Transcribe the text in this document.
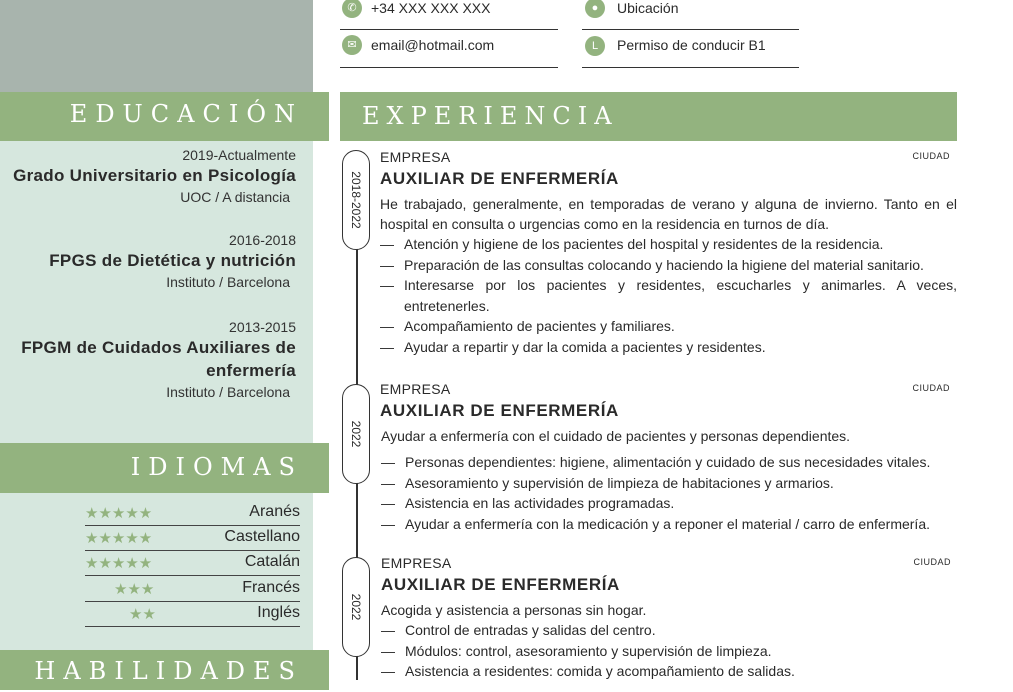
EDUCACIÓN
2019-Actualmente
Grado Universitario en Psicología
UOC / A distancia
2016-2018
FPGS de Dietética y nutrición
Instituto / Barcelona
2013-2015
FPGM de Cuidados Auxiliares de enfermería
Instituto / Barcelona
IDIOMAS
★★★★★	Aranés
★★★★★	Castellano
★★★★★	Catalán
★★★	Francés
★★	Inglés
HABILIDADES
✆	+34 XXX XXX XXX
✉	email@hotmail.com
●	Ubicación
L	Permiso de conducir B1
EXPERIENCIA
2018-2022
EMPRESA	CIUDAD
AUXILIAR DE ENFERMERÍA
He trabajado, generalmente, en temporadas de verano y alguna de invierno. Tanto en el hospital en consulta o urgencias como en la residencia en turnos de día.
— Atención y higiene de los pacientes del hospital y residentes de la residencia.
— Preparación de las consultas colocando y haciendo la higiene del material sanitario.
— Interesarse por los pacientes y residentes, escucharles y animarles. A veces, entretenerles.
— Acompañamiento de pacientes y familiares.
— Ayudar a repartir y dar la comida a pacientes y residentes.
2022
EMPRESA	CIUDAD
AUXILIAR DE ENFERMERÍA
Ayudar a enfermería con el cuidado de pacientes y personas dependientes.
— Personas dependientes: higiene, alimentación y cuidado de sus necesidades vitales.
— Asesoramiento y supervisión de limpieza de habitaciones y armarios.
— Asistencia en las actividades programadas.
— Ayudar a enfermería con la medicación y a reponer el material / carro de enfermería.
2022
EMPRESA	CIUDAD
AUXILIAR DE ENFERMERÍA
Acogida y asistencia a personas sin hogar.
— Control de entradas y salidas del centro.
— Módulos: control, asesoramiento y supervisión de limpieza.
— Asistencia a residentes: comida y acompañamiento de salidas.
